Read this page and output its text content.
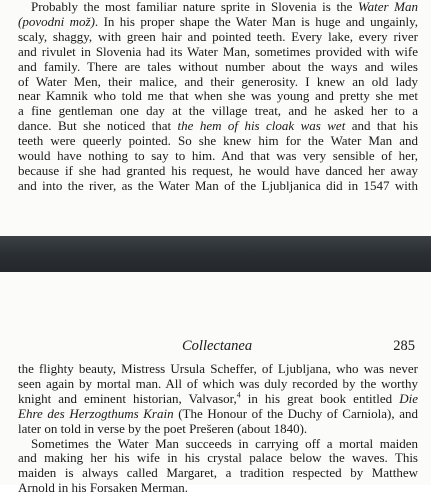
Probably the most familiar nature sprite in Slovenia is the Water Man
(povodni mož). In his proper shape the Water Man is huge and ungainly,
scaly, shaggy, with green hair and pointed teeth. Every lake, every river
and rivulet in Slovenia had its Water Man, sometimes provided with wife
and family. There are tales without number about the ways and wiles
of Water Men, their malice, and their generosity. I knew an old lady
near Kamnik who told me that when she was young and pretty she met
a fine gentleman one day at the village treat, and he asked her to a
dance. But she noticed that the hem of his cloak was wet and that his
teeth were queerly pointed. So she knew him for the Water Man and
would have nothing to say to him. And that was very sensible of her,
because if she had granted his request, he would have danced her away
and into the river, as the Water Man of the Ljubljanica did in 1547 with
the flighty beauty, Mistress Ursula Scheffer, of Ljubljana, who was never
seen again by mortal man. All of which was duly recorded by the worthy
knight and eminent historian, Valvasor,$^4$ in his great book entitled Die
Ehre des Herzogthums Krain (The Honour of the Duchy of Carniola), and
later on told in verse by the poet Prešeren (about 1840).
Sometimes the Water Man succeeds in carrying off a mortal maiden
and making her his wife in his crystal palace below the waves. This
maiden is always called Margaret, a tradition respected by Matthew
Arnold in his Forsaken Merman.
Collectanea	285
